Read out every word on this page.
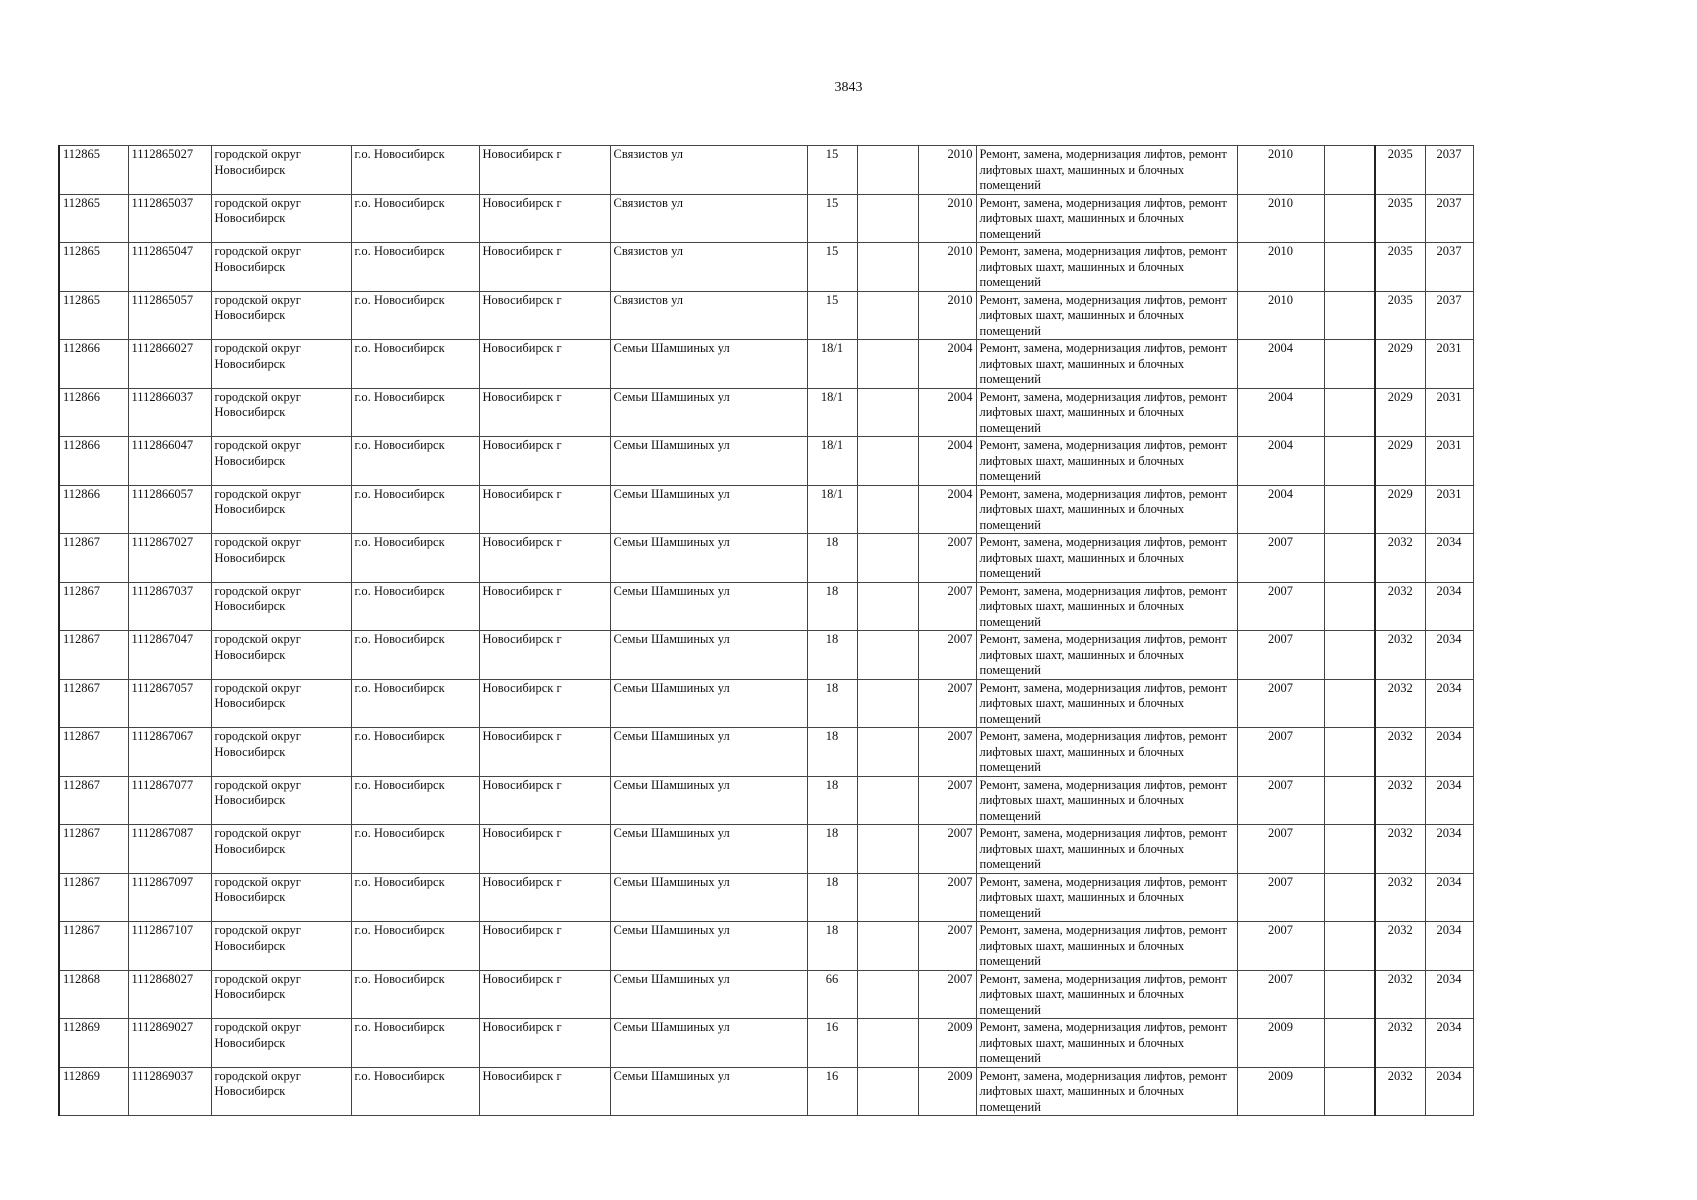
3843
112865	1112865027	городской округ Новосибирск	г.о. Новосибирск	Новосибирск г	Связистов ул	15		2010	Ремонт, замена, модернизация лифтов, ремонт лифтовых шахт, машинных и блочных помещений	2010		2035	2037
112865	1112865037	городской округ Новосибирск	г.о. Новосибирск	Новосибирск г	Связистов ул	15		2010	Ремонт, замена, модернизация лифтов, ремонт лифтовых шахт, машинных и блочных помещений	2010		2035	2037
112865	1112865047	городской округ Новосибирск	г.о. Новосибирск	Новосибирск г	Связистов ул	15		2010	Ремонт, замена, модернизация лифтов, ремонт лифтовых шахт, машинных и блочных помещений	2010		2035	2037
112865	1112865057	городской округ Новосибирск	г.о. Новосибирск	Новосибирск г	Связистов ул	15		2010	Ремонт, замена, модернизация лифтов, ремонт лифтовых шахт, машинных и блочных помещений	2010		2035	2037
112866	1112866027	городской округ Новосибирск	г.о. Новосибирск	Новосибирск г	Семьи Шамшиных ул	18/1		2004	Ремонт, замена, модернизация лифтов, ремонт лифтовых шахт, машинных и блочных помещений	2004		2029	2031
112866	1112866037	городской округ Новосибирск	г.о. Новосибирск	Новосибирск г	Семьи Шамшиных ул	18/1		2004	Ремонт, замена, модернизация лифтов, ремонт лифтовых шахт, машинных и блочных помещений	2004		2029	2031
112866	1112866047	городской округ Новосибирск	г.о. Новосибирск	Новосибирск г	Семьи Шамшиных ул	18/1		2004	Ремонт, замена, модернизация лифтов, ремонт лифтовых шахт, машинных и блочных помещений	2004		2029	2031
112866	1112866057	городской округ Новосибирск	г.о. Новосибирск	Новосибирск г	Семьи Шамшиных ул	18/1		2004	Ремонт, замена, модернизация лифтов, ремонт лифтовых шахт, машинных и блочных помещений	2004		2029	2031
112867	1112867027	городской округ Новосибирск	г.о. Новосибирск	Новосибирск г	Семьи Шамшиных ул	18		2007	Ремонт, замена, модернизация лифтов, ремонт лифтовых шахт, машинных и блочных помещений	2007		2032	2034
112867	1112867037	городской округ Новосибирск	г.о. Новосибирск	Новосибирск г	Семьи Шамшиных ул	18		2007	Ремонт, замена, модернизация лифтов, ремонт лифтовых шахт, машинных и блочных помещений	2007		2032	2034
112867	1112867047	городской округ Новосибирск	г.о. Новосибирск	Новосибирск г	Семьи Шамшиных ул	18		2007	Ремонт, замена, модернизация лифтов, ремонт лифтовых шахт, машинных и блочных помещений	2007		2032	2034
112867	1112867057	городской округ Новосибирск	г.о. Новосибирск	Новосибирск г	Семьи Шамшиных ул	18		2007	Ремонт, замена, модернизация лифтов, ремонт лифтовых шахт, машинных и блочных помещений	2007		2032	2034
112867	1112867067	городской округ Новосибирск	г.о. Новосибирск	Новосибирск г	Семьи Шамшиных ул	18		2007	Ремонт, замена, модернизация лифтов, ремонт лифтовых шахт, машинных и блочных помещений	2007		2032	2034
112867	1112867077	городской округ Новосибирск	г.о. Новосибирск	Новосибирск г	Семьи Шамшиных ул	18		2007	Ремонт, замена, модернизация лифтов, ремонт лифтовых шахт, машинных и блочных помещений	2007		2032	2034
112867	1112867087	городской округ Новосибирск	г.о. Новосибирск	Новосибирск г	Семьи Шамшиных ул	18		2007	Ремонт, замена, модернизация лифтов, ремонт лифтовых шахт, машинных и блочных помещений	2007		2032	2034
112867	1112867097	городской округ Новосибирск	г.о. Новосибирск	Новосибирск г	Семьи Шамшиных ул	18		2007	Ремонт, замена, модернизация лифтов, ремонт лифтовых шахт, машинных и блочных помещений	2007		2032	2034
112867	1112867107	городской округ Новосибирск	г.о. Новосибирск	Новосибирск г	Семьи Шамшиных ул	18		2007	Ремонт, замена, модернизация лифтов, ремонт лифтовых шахт, машинных и блочных помещений	2007		2032	2034
112868	1112868027	городской округ Новосибирск	г.о. Новосибирск	Новосибирск г	Семьи Шамшиных ул	66		2007	Ремонт, замена, модернизация лифтов, ремонт лифтовых шахт, машинных и блочных помещений	2007		2032	2034
112869	1112869027	городской округ Новосибирск	г.о. Новосибирск	Новосибирск г	Семьи Шамшиных ул	16		2009	Ремонт, замена, модернизация лифтов, ремонт лифтовых шахт, машинных и блочных помещений	2009		2032	2034
112869	1112869037	городской округ Новосибирск	г.о. Новосибирск	Новосибирск г	Семьи Шамшиных ул	16		2009	Ремонт, замена, модернизация лифтов, ремонт лифтовых шахт, машинных и блочных помещений	2009		2032	2034
